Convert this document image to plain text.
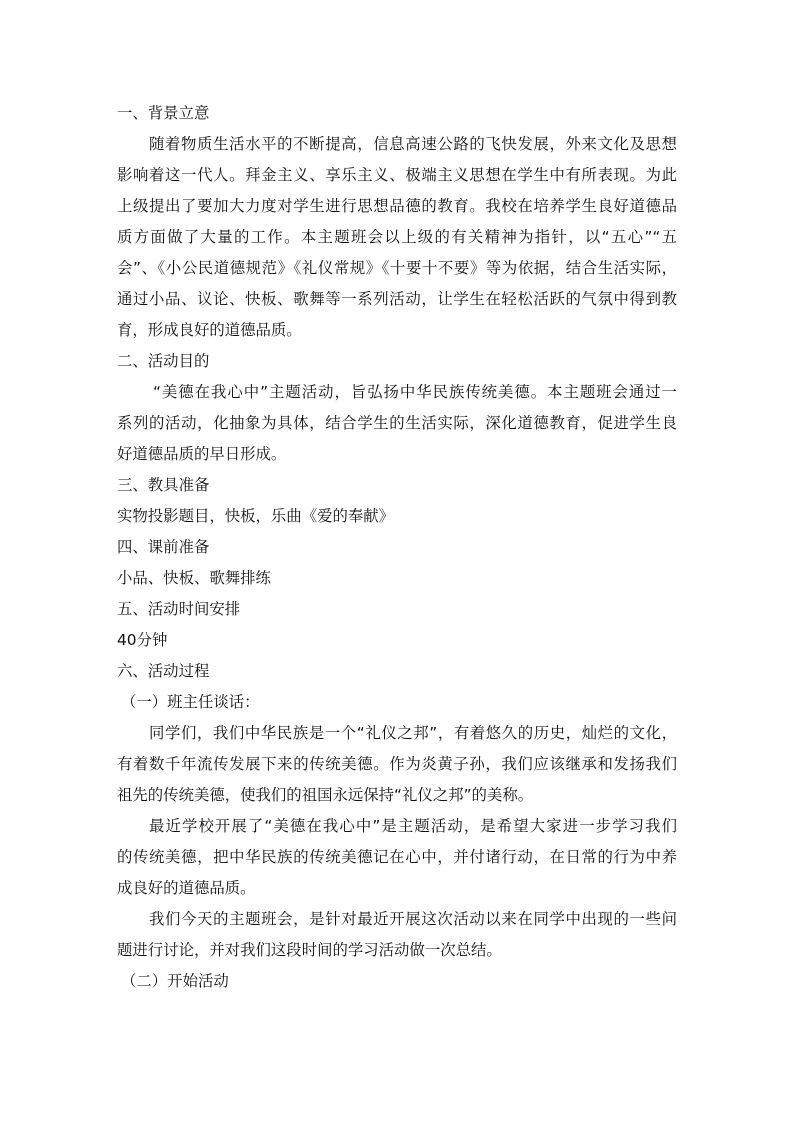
一、背景立意
随着物质生活水平的不断提高，信息高速公路的飞快发展，外来文化及思想
影响着这一代人。拜金主义、享乐主义、极端主义思想在学生中有所表现。为此
上级提出了要加大力度对学生进行思想品德的教育。我校在培养学生良好道德品
质方面做了大量的工作。本主题班会以上级的有关精神为指针，以“五心”“五
会”、《小公民道德规范》《礼仪常规》《十要十不要》等为依据，结合生活实际，
通过小品、议论、快板、歌舞等一系列活动，让学生在轻松活跃的气氛中得到教
育，形成良好的道德品质。
二、活动目的
“美德在我心中”主题活动，旨弘扬中华民族传统美德。本主题班会通过一
系列的活动，化抽象为具体，结合学生的生活实际，深化道德教育，促进学生良
好道德品质的早日形成。
三、教具准备
实物投影题目，快板，乐曲《爱的奉献》
四、课前准备
小品、快板、歌舞排练
五、活动时间安排
40分钟
六、活动过程
（一）班主任谈话：
同学们，我们中华民族是一个“礼仪之邦”，有着悠久的历史，灿烂的文化，
有着数千年流传发展下来的传统美德。作为炎黄子孙，我们应该继承和发扬我们
祖先的传统美德，使我们的祖国永远保持“礼仪之邦”的美称。
最近学校开展了“美德在我心中”是主题活动，是希望大家进一步学习我们
的传统美德，把中华民族的传统美德记在心中，并付诸行动，在日常的行为中养
成良好的道德品质。
我们今天的主题班会，是针对最近开展这次活动以来在同学中出现的一些问
题进行讨论，并对我们这段时间的学习活动做一次总结。
（二）开始活动
